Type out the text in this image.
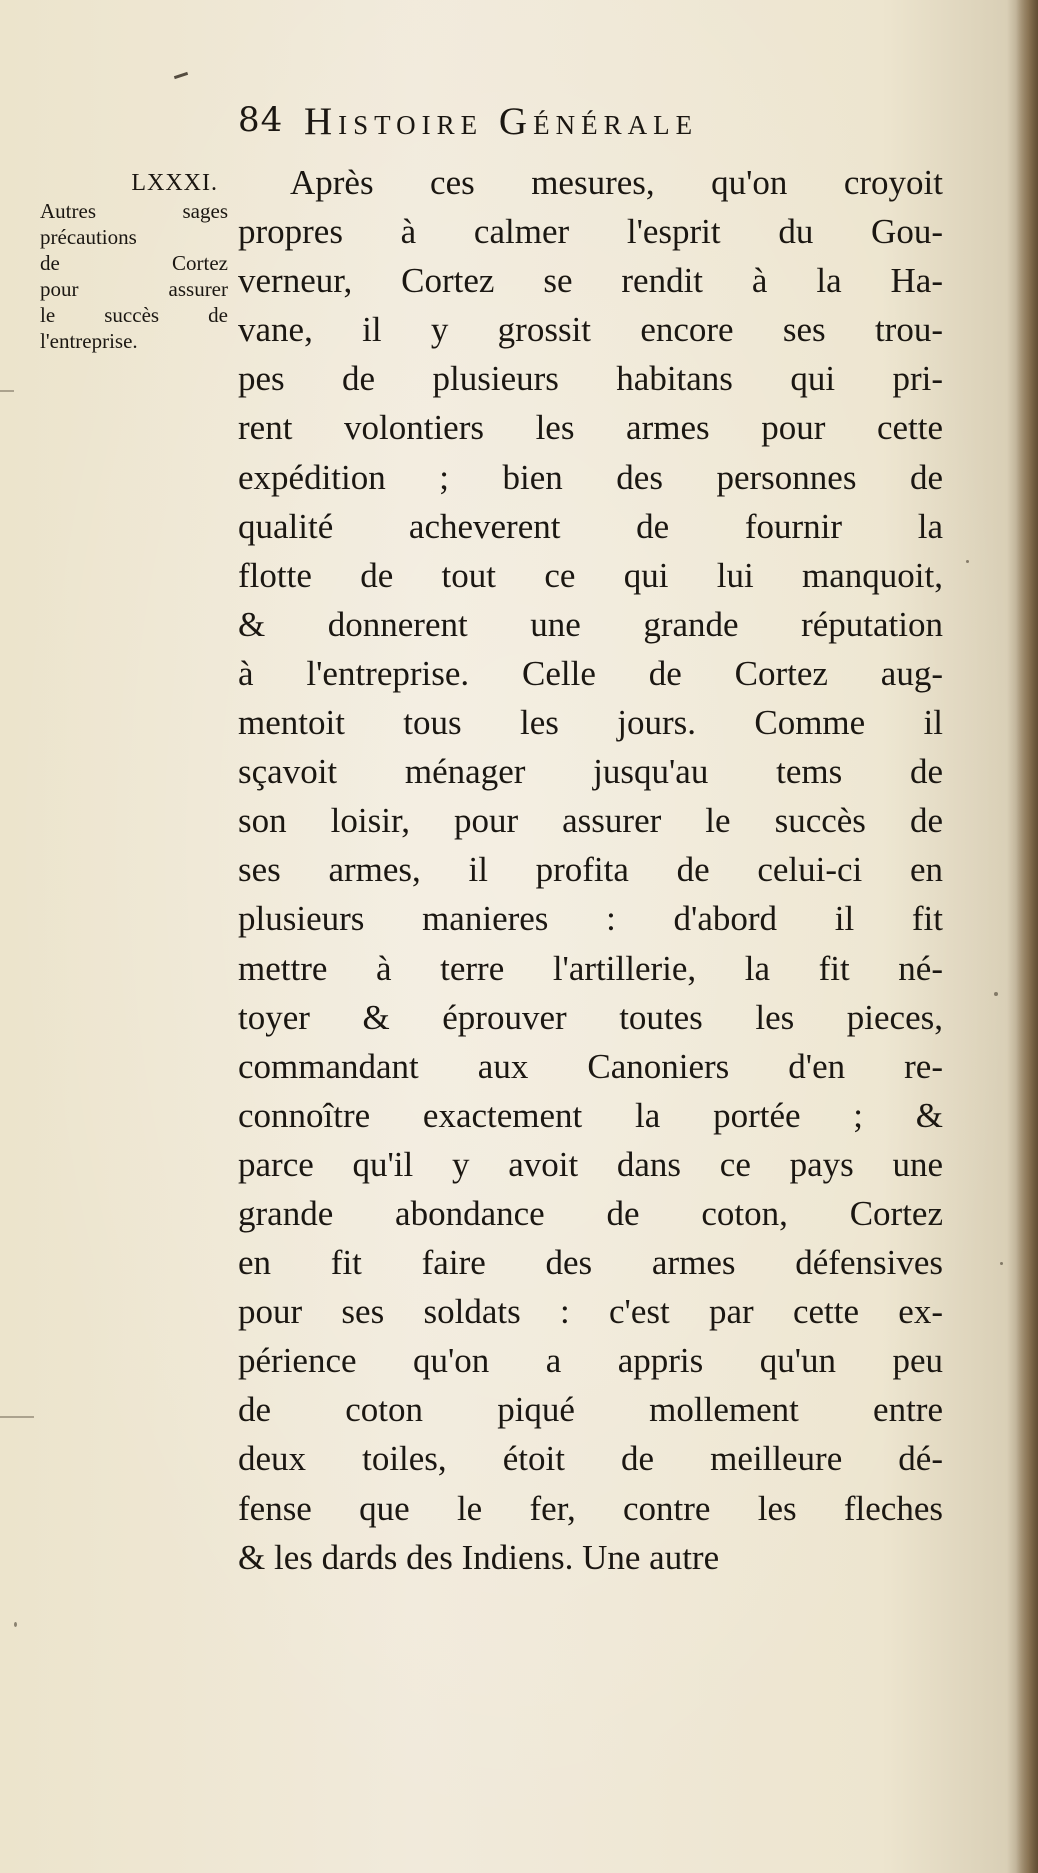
84 Histoire Générale
LXXXI.
Autres sages
précautions
de Cortez
pour assurer
le succès de
l'entreprise.
Après ces mesures, qu'on croyoit
propres à calmer l'esprit du Gou-
verneur, Cortez se rendit à la Ha-
vane, il y grossit encore ses trou-
pes de plusieurs habitans qui pri-
rent volontiers les armes pour cette
expédition ; bien des personnes de
qualité acheverent de fournir la
flotte de tout ce qui lui manquoit,
& donnerent une grande réputation
à l'entreprise. Celle de Cortez aug-
mentoit tous les jours. Comme il
sçavoit ménager jusqu'au tems de
son loisir, pour assurer le succès de
ses armes, il profita de celui-ci en
plusieurs manieres : d'abord il fit
mettre à terre l'artillerie, la fit né-
toyer & éprouver toutes les pieces,
commandant aux Canoniers d'en re-
connoître exactement la portée ; &
parce qu'il y avoit dans ce pays une
grande abondance de coton, Cortez
en fit faire des armes défensives
pour ses soldats : c'est par cette ex-
périence qu'on a appris qu'un peu
de coton piqué mollement entre
deux toiles, étoit de meilleure dé-
fense que le fer, contre les fleches
& les dards des Indiens. Une autre
